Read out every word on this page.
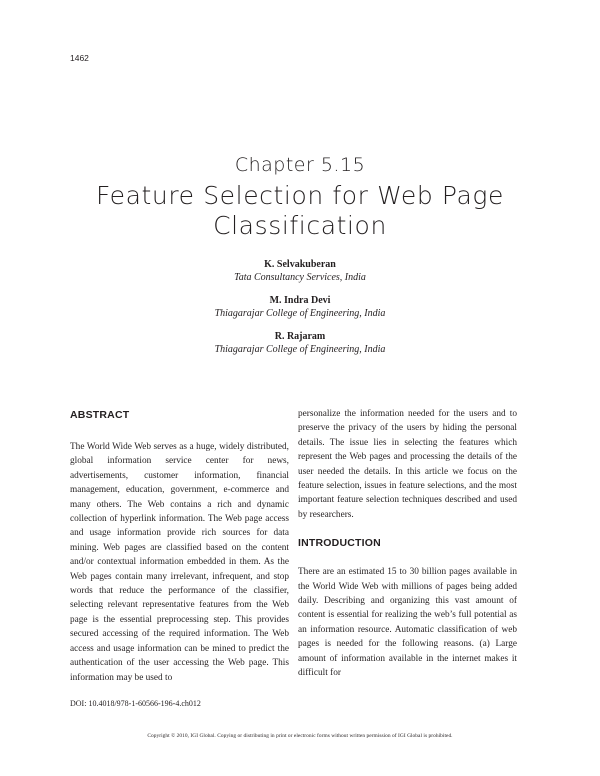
1462
Chapter 5.15
Feature Selection for Web Page Classification
K. Selvakuberan
Tata Consultancy Services, India
M. Indra Devi
Thiagarajar College of Engineering, India
R. Rajaram
Thiagarajar College of Engineering, India
ABSTRACT

The World Wide Web serves as a huge, widely distributed, global information service center for news, advertisements, customer information, financial management, education, government, e-commerce and many others. The Web contains a rich and dynamic collection of hyperlink information. The Web page access and usage information provide rich sources for data mining. Web pages are classified based on the content and/or contextual information embedded in them. As the Web pages contain many irrelevant, infrequent, and stop words that reduce the performance of the classifier, selecting relevant representative features from the Web page is the essential preprocessing step. This provides secured accessing of the required information. The Web access and usage information can be mined to predict the authentication of the user accessing the Web page. This information may be used to

personalize the information needed for the users and to preserve the privacy of the users by hiding the personal details. The issue lies in selecting the features which represent the Web pages and processing the details of the user needed the details. In this article we focus on the feature selection, issues in feature selections, and the most important feature selection techniques described and used by researchers.

INTRODUCTION

There are an estimated 15 to 30 billion pages available in the World Wide Web with millions of pages being added daily. Describing and organizing this vast amount of content is essential for realizing the web’s full potential as an information resource. Automatic classification of web pages is needed for the following reasons. (a) Large amount of information available in the internet makes it difficult for

DOI: 10.4018/978-1-60566-196-4.ch012
Copyright © 2010, IGI Global. Copying or distributing in print or electronic forms without written permission of IGI Global is prohibited.
